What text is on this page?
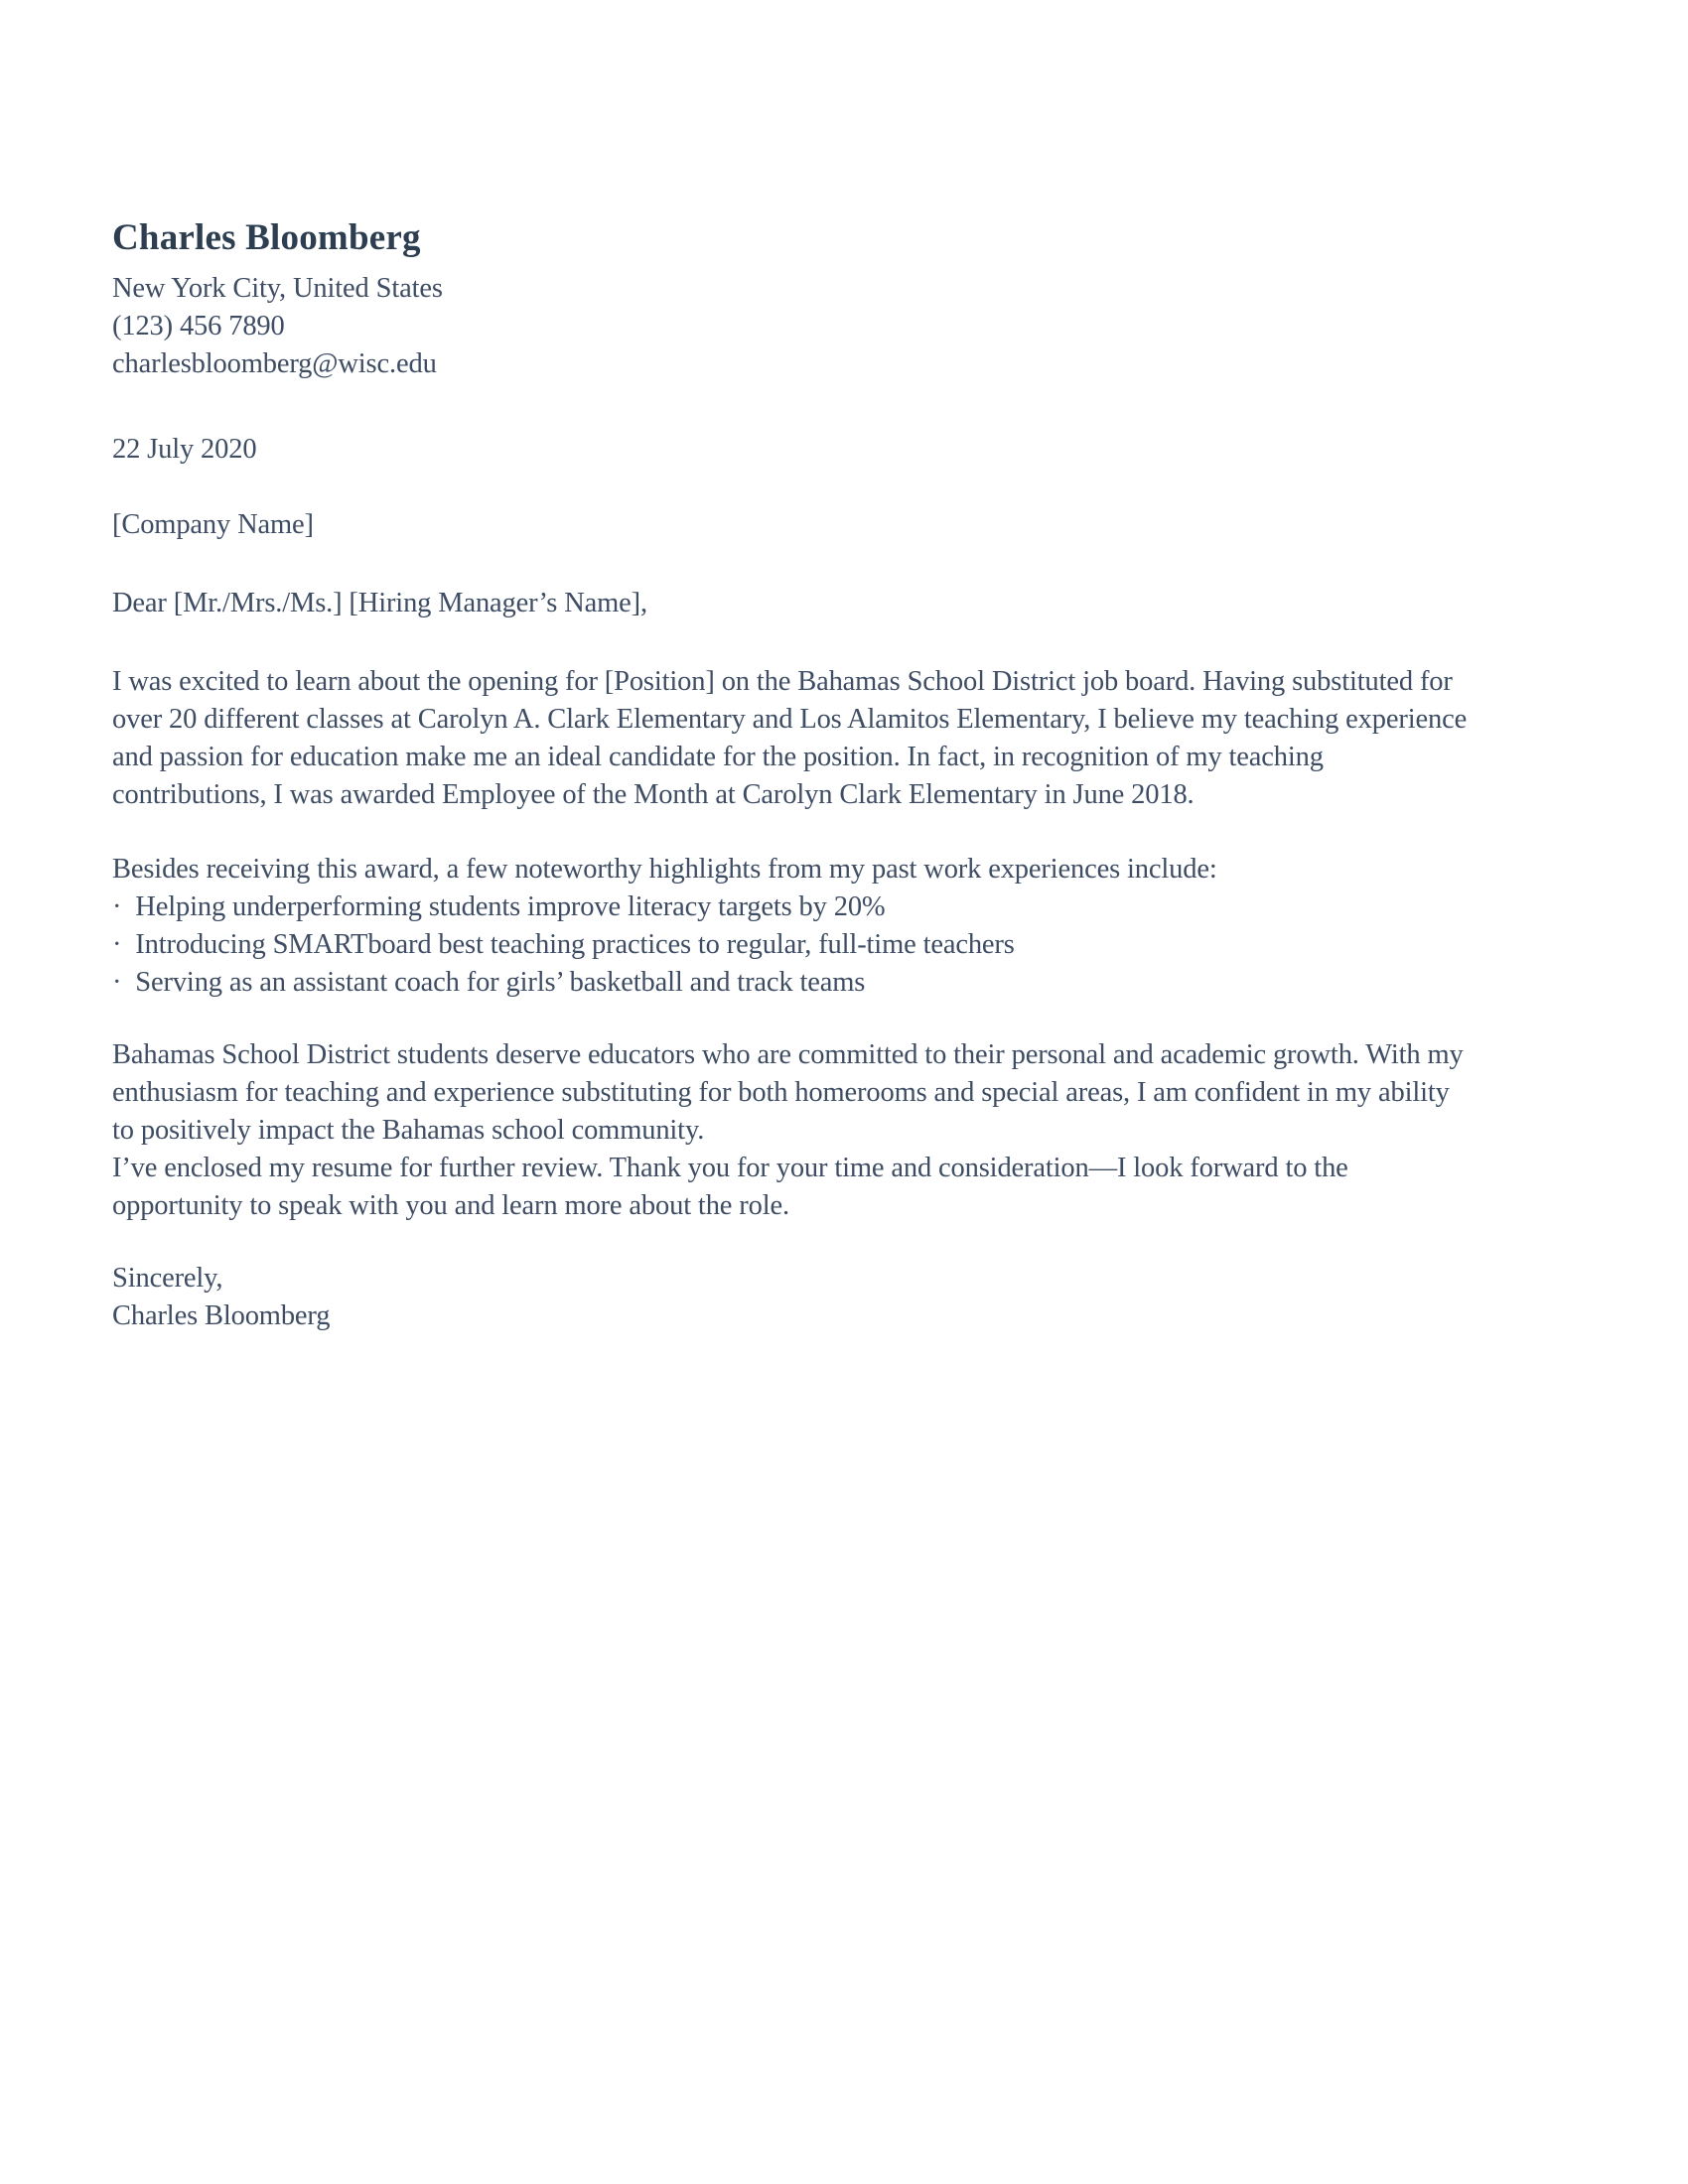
Charles Bloomberg
New York City, United States
(123) 456 7890
charlesbloomberg@wisc.edu
22 July 2020
[Company Name]
Dear [Mr./Mrs./Ms.] [Hiring Manager’s Name],
I was excited to learn about the opening for [Position] on the Bahamas School District job board. Having substituted for
over 20 different classes at Carolyn A. Clark Elementary and Los Alamitos Elementary, I believe my teaching experience
and passion for education make me an ideal candidate for the position. In fact, in recognition of my teaching
contributions, I was awarded Employee of the Month at Carolyn Clark Elementary in June 2018.
Besides receiving this award, a few noteworthy highlights from my past work experiences include:
·  Helping underperforming students improve literacy targets by 20%
·  Introducing SMARTboard best teaching practices to regular, full-time teachers
·  Serving as an assistant coach for girls’ basketball and track teams
Bahamas School District students deserve educators who are committed to their personal and academic growth. With my
enthusiasm for teaching and experience substituting for both homerooms and special areas, I am confident in my ability
to positively impact the Bahamas school community.
I’ve enclosed my resume for further review. Thank you for your time and consideration—I look forward to the
opportunity to speak with you and learn more about the role.
Sincerely,
Charles Bloomberg
